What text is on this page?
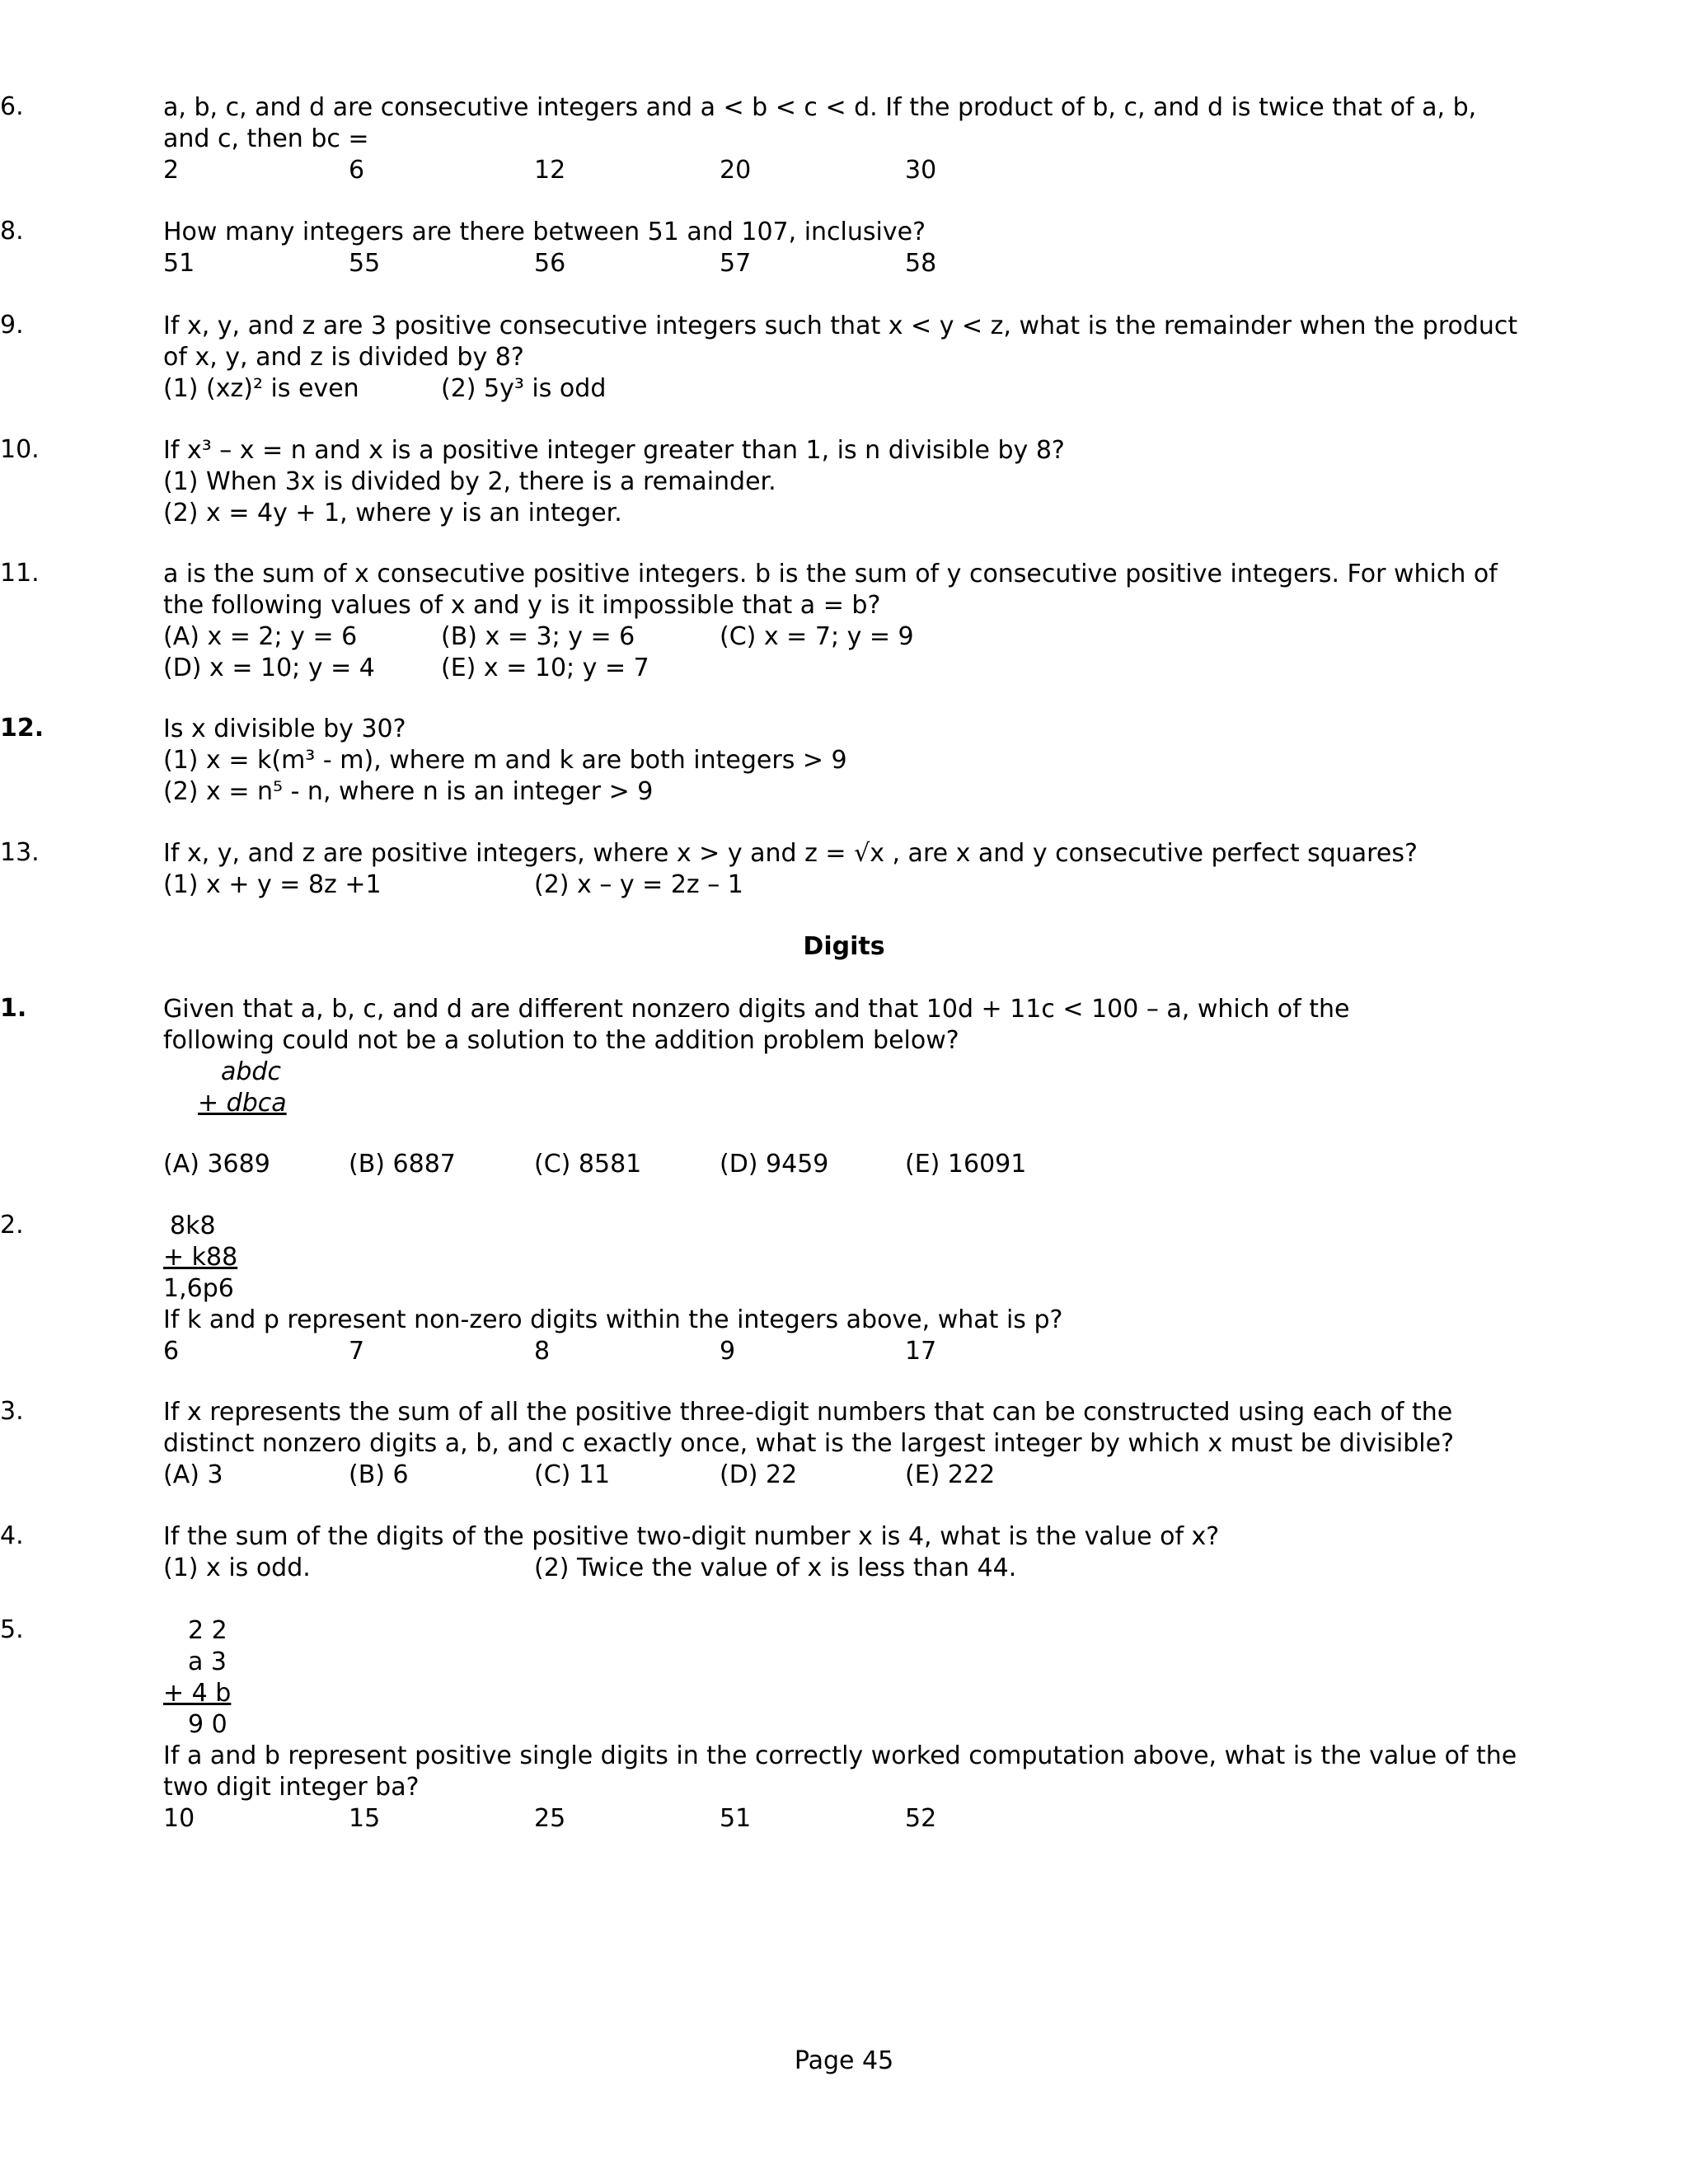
6.	a, b, c, and d are consecutive integers and a < b < c < d. If the product of b, c, and d is twice that of a, b,
and c, then bc =
2	6	12	20	30
8.	How many integers are there between 51 and 107, inclusive?
51	55	56	57	58
9.	If x, y, and z are 3 positive consecutive integers such that x < y < z, what is the remainder when the product
of x, y, and z is divided by 8?
(1) (xz)² is even	(2) 5y³ is odd
10.	If x³ – x = n and x is a positive integer greater than 1, is n divisible by 8?
(1) When 3x is divided by 2, there is a remainder.
(2) x = 4y + 1, where y is an integer.
11.	a is the sum of x consecutive positive integers. b is the sum of y consecutive positive integers. For which of
the following values of x and y is it impossible that a = b?
(A) x = 2; y = 6	(B) x = 3; y = 6	(C) x = 7; y = 9
(D) x = 10; y = 4	(E) x = 10; y = 7
12.	Is x divisible by 30?
(1) x = k(m³ - m), where m and k are both integers > 9
(2) x = n⁵ - n, where n is an integer > 9
13.	If x, y, and z are positive integers, where x > y and z = √x , are x and y consecutive perfect squares?
(1) x + y = 8z +1	(2) x – y = 2z – 1
Digits
1.	Given that a, b, c, and d are different nonzero digits and that 10d + 11c < 100 – a, which of the
following could not be a solution to the addition problem below?
abdc
+ dbca
(A) 3689	(B) 6887	(C) 8581	(D) 9459	(E) 16091
2.	8k8
+ k88
1,6p6
If k and p represent non-zero digits within the integers above, what is p?
6	7	8	9	17
3.	If x represents the sum of all the positive three-digit numbers that can be constructed using each of the
distinct nonzero digits a, b, and c exactly once, what is the largest integer by which x must be divisible?
(A) 3	(B) 6	(C) 11	(D) 22	(E) 222
4.	If the sum of the digits of the positive two-digit number x is 4, what is the value of x?
(1) x is odd.	(2) Twice the value of x is less than 44.
5.	2 2
a 3
+ 4 b
9 0
If a and b represent positive single digits in the correctly worked computation above, what is the value of the
two digit integer ba?
10	15	25	51	52
Page 45
